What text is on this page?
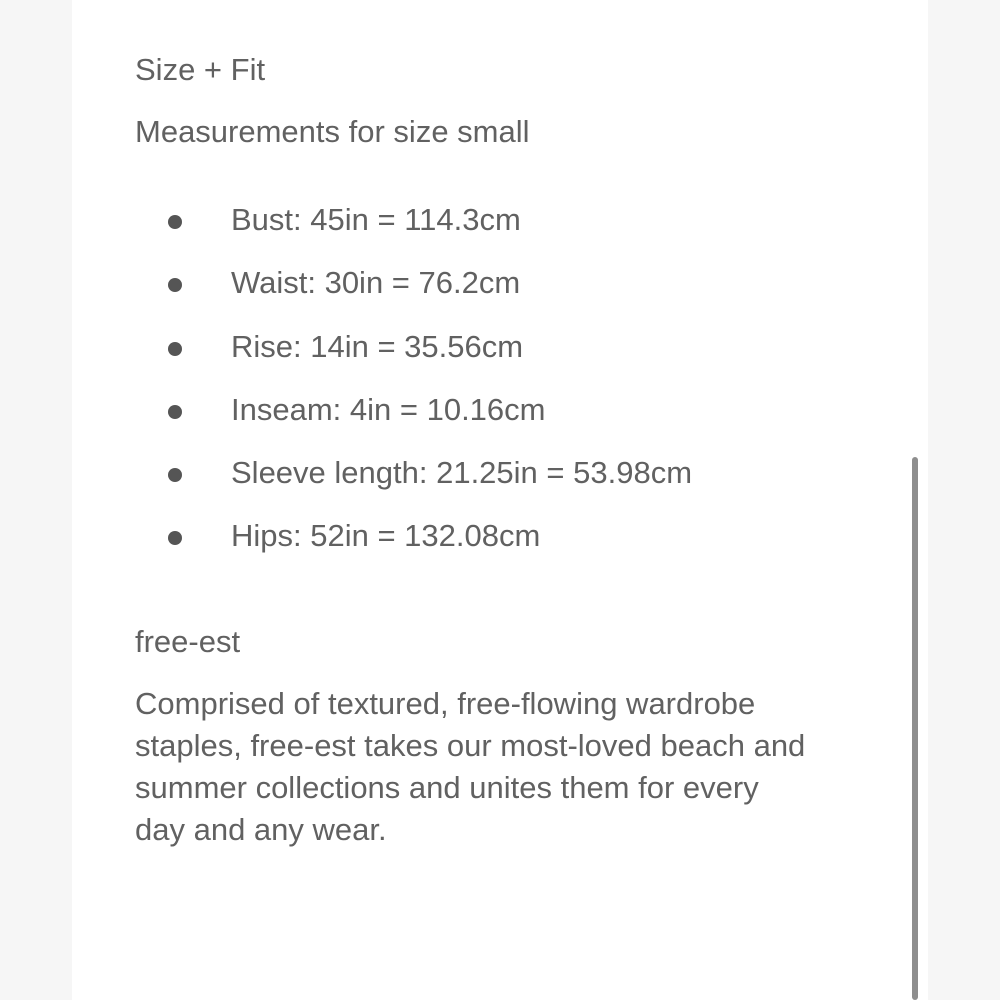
Size + Fit
Measurements for size small
Bust: 45in = 114.3cm
Waist: 30in = 76.2cm
Rise: 14in = 35.56cm
Inseam: 4in = 10.16cm
Sleeve length: 21.25in = 53.98cm
Hips: 52in = 132.08cm
free-est

Comprised of textured, free-flowing wardrobe
staples, free-est takes our most-loved beach and
summer collections and unites them for every
day and any wear.
